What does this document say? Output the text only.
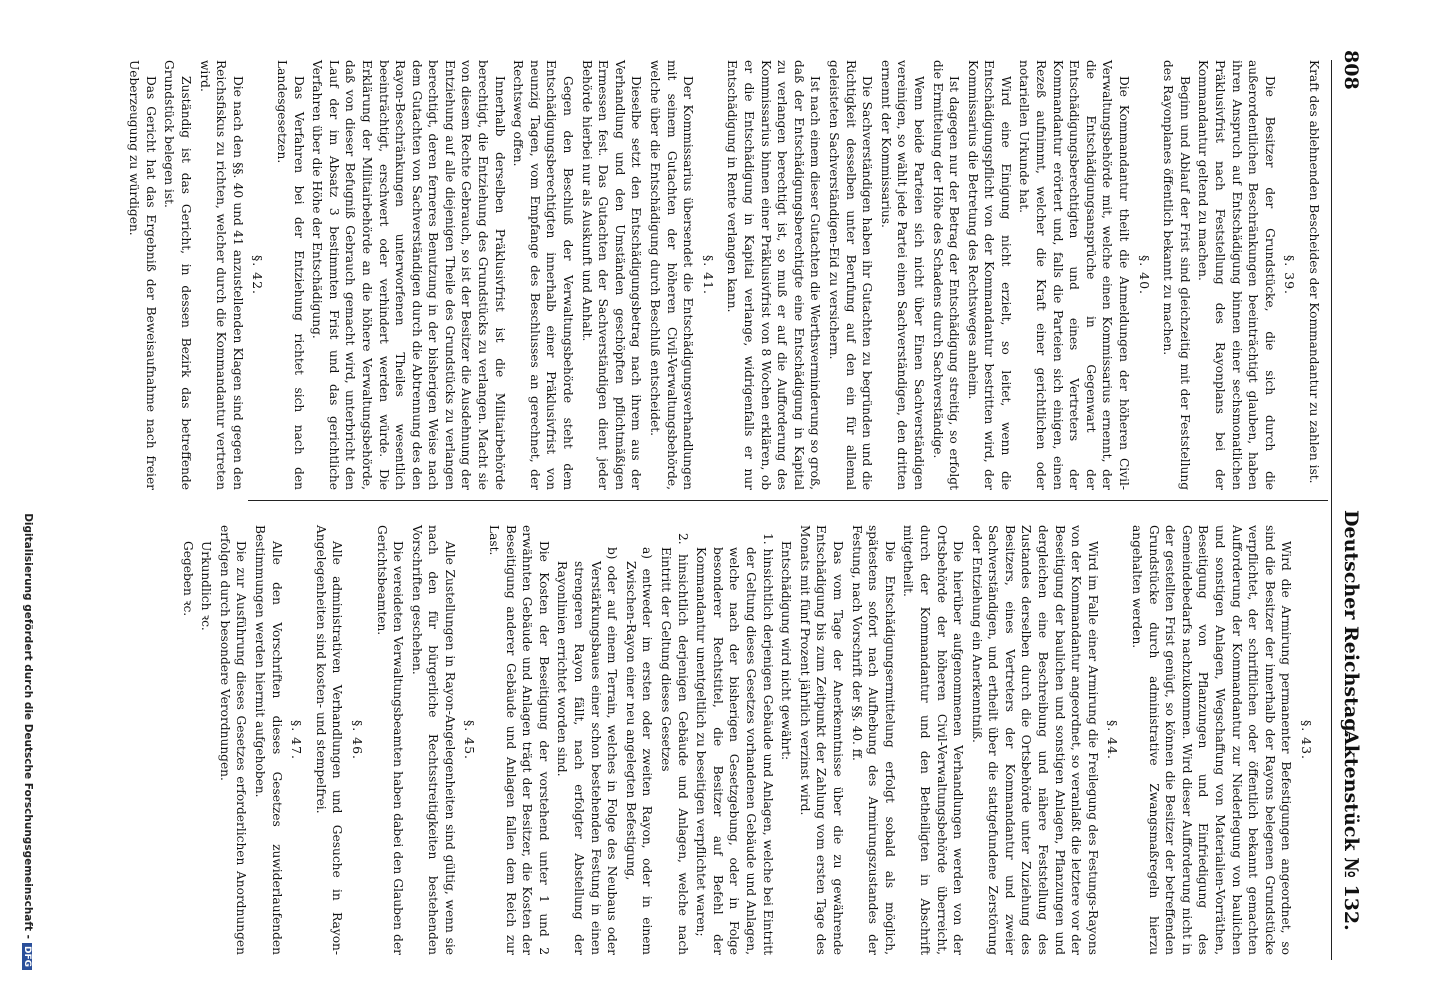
808
Deutscher Reichstag.
Aktenstück № 132.

Kraft des ablehnenden Bescheides der Kommandantur zu zahlen ist.

§. 39.

Die Besitzer der Grundstücke, die sich durch die außerordentlichen Beschränkungen beeinträchtigt glauben, haben ihren Anspruch auf Entschädigung binnen einer sechsmonatlichen Präklusivfrist nach Feststellung des Rayonplans bei der Kommandantur geltend zu machen.

Beginn und Ablauf der Frist sind gleichzeitig mit der Feststellung des Rayonplanes öffentlich bekannt zu machen.

§. 40.

Die Kommandantur theilt die Anmeldungen der höheren Civil-Verwaltungsbehörde mit, welche einen Kommissarius ernennt, der die Entschädigungsansprüche in Gegenwart der Entschädigungsberechtigten und eines Vertreters der Kommandantur erörtert und, falls die Parteien sich einigen, einen Rezeß aufnimmt, welcher die Kraft einer gerichtlichen oder notariellen Urkunde hat.

Wird eine Einigung nicht erzielt, so leitet, wenn die Entschädigungspflicht von der Kommandantur bestritten wird, der Kommissarius die Betretung des Rechtsweges anheim.

Ist dagegen nur der Betrag der Entschädigung streitig, so erfolgt die Ermittelung der Höhe des Schadens durch Sachverständige.

Wenn beide Parteien sich nicht über Einen Sachverständigen vereinigen, so wählt jede Partei einen Sachverständigen, den dritten ernennt der Kommissarius.

Die Sachverständigen haben ihr Gutachten zu begründen und die Richtigkeit desselben unter Berufung auf den ein für allemal geleisteten Sachverständigen-Eid zu versichern.

Ist nach einem dieser Gutachten die Werthsverminderung so groß, daß der Entschädigungsberechtigte eine Entschädigung in Kapital zu verlangen berechtigt ist, so muß er auf die Aufforderung des Kommissarius binnen einer Präklusivfrist von 8 Wochen erklären, ob er die Entschädigung in Kapital verlange, widrigenfalls er nur Entschädigung in Rente verlangen kann.

§. 41.

Der Kommissarius übersendet die Entschädigungsverhandlungen mit seinem Gutachten der höheren Civil-Verwaltungsbehörde, welche über die Entschädigung durch Beschluß entscheidet.

Dieselbe setzt den Entschädigungsbetrag nach ihrem aus der Verhandlung und den Umständen geschöpften pflichtmäßigen Ermessen fest. Das Gutachten der Sachverständigen dient jeder Behörde hierbei nur als Auskunft und Anhalt.

Gegen den Beschluß der Verwaltungsbehörde steht dem Entschädigungsberechtigten innerhalb einer Präklusivfrist von neunzig Tagen, vom Empfange des Beschlusses an gerechnet, der Rechtsweg offen.

Innerhalb derselben Präklusivfrist ist die Militairbehörde berechtigt, die Entziehung des Grundstücks zu verlangen. Macht sie von diesem Rechte Gebrauch, so ist der Besitzer die Ausdehnung der Entziehung auf alle diejenigen Theile des Grundstücks zu verlangen berechtigt, deren ferneres Benutzung in der bisherigen Weise nach dem Gutachten von Sachverständigen durch die Abtrennung des den Rayon-Beschränkungen unterworfenen Theiles wesentlich beeinträchtigt, erschwert oder verhindert werden würde. Die Erklärung der Militairbehörde an die höhere Verwaltungsbehörde, daß von dieser Befugniß Gebrauch gemacht wird, unterbricht den Lauf der im Absatz 3 bestimmten Frist und das gerichtliche Verfahren über die Höhe der Entschädigung.

Das Verfahren bei der Entziehung richtet sich nach den Landesgesetzen.

§. 42.

Die nach den §§. 40 und 41 anzustellenden Klagen sind gegen den Reichsfiskus zu richten, welcher durch die Kommandantur vertreten wird.

Zuständig ist das Gericht, in dessen Bezirk das betreffende Grundstück belegen ist.

Das Gericht hat das Ergebniß der Beweisaufnahme nach freier Ueberzeugung zu würdigen.

§. 43.

Wird die Armirung permanenter Befestigungen angeordnet, so sind die Besitzer der innerhalb der Rayons belegenen Grundstücke verpflichtet, der schriftlichen oder öffentlich bekannt gemachten Aufforderung der Kommandantur zur Niederlegung von baulichen und sonstigen Anlagen, Wegschaffung von Materialien-Vorräthen, Beseitigung von Pflanzungen und Einfriedigung des Gemeindebedarfs nachzukommen. Wird dieser Aufforderung nicht in der gestellten Frist genügt, so können die Besitzer der betreffenden Grundstücke durch administrative Zwangsmaßregeln hierzu angehalten werden.

§. 44.

Wird im Falle einer Armirung die Freilegung des Festungs-Rayons von der Kommandantur angeordnet, so veranlaßt die letztere vor der Beseitigung der baulichen und sonstigen Anlagen, Pflanzungen und dergleichen eine Beschreibung und nähere Feststellung des Zustandes derselben durch die Ortsbehörde unter Zuziehung des Besitzers, eines Vertreters der Kommandantur und zweier Sachverständigen, und ertheilt über die stattgefundene Zerstörung oder Entziehung ein Anerkenntniß.

Die hierüber aufgenommenen Verhandlungen werden von der Ortsbehörde der höheren Civil-Verwaltungsbehörde überreicht, durch der Kommandantur und den Betheiligten in Abschrift mitgetheilt.

Die Entschädigungsermittelung erfolgt sobald als möglich, spätestens sofort nach Aufhebung des Armirungszustandes der Festung, nach Vorschrift der §§. 40. ff.

Das vom Tage der Anerkenntnisse über die zu gewährende Entschädigung bis zum Zeitpunkt der Zahlung vom ersten Tage des Monats mit fünf Prozent jährlich verzinst wird.

Entschädigung wird nicht gewährt:

1. hinsichtlich derjenigen Gebäude und Anlagen, welche bei Eintritt der Geltung dieses Gesetzes vorhandenen Gebäude und Anlagen, welche nach der bisherigen Gesetzgebung, oder in Folge besonderer Rechtstitel, die Besitzer auf Befehl der Kommandantur unentgeltlich zu beseitigen verpflichtet waren;

2. hinsichtlich derjenigen Gebäude und Anlagen, welche nach Eintritt der Geltung dieses Gesetzes

a) entweder im ersten oder zweiten Rayon, oder in einem Zwischen-Rayon einer neu angelegten Befestigung,

b) oder auf einem Terrain, welches in Folge des Neubaus oder Verstärkungsbaues einer schon bestehenden Festung in einen strengeren Rayon fällt, nach erfolgter Abstellung der Rayonlinien errichtet worden sind.

Die Kosten der Beseitigung der vorstehend unter 1 und 2 erwähnten Gebäude und Anlagen trägt der Besitzer, die Kosten der Beseitigung anderer Gebäude und Anlagen fallen dem Reich zur Last.

§. 45.

Alle Zustellungen in Rayon-Angelegenheiten sind gültig, wenn sie nach den für bürgerliche Rechtsstreitigkeiten bestehenden Vorschriften geschehen.

Die vereideten Verwaltungsbeamten haben dabei den Glauben der Gerichtsbeamten.

§. 46.

Alle administrativen Verhandlungen und Gesuche in Rayon-Angelegenheiten sind kosten- und stempelfrei.

§. 47.

Alle den Vorschriften dieses Gesetzes zuwiderlaufenden Bestimmungen werden hiermit aufgehoben.

Die zur Ausführung dieses Gesetzes erforderlichen Anordnungen erfolgen durch besondere Verordnungen.

Urkundlich ꝛc.

Gegeben ꝛc.

Digitalisierung gefördert durch die Deutsche Forschungsgemeinschaft -DFG
